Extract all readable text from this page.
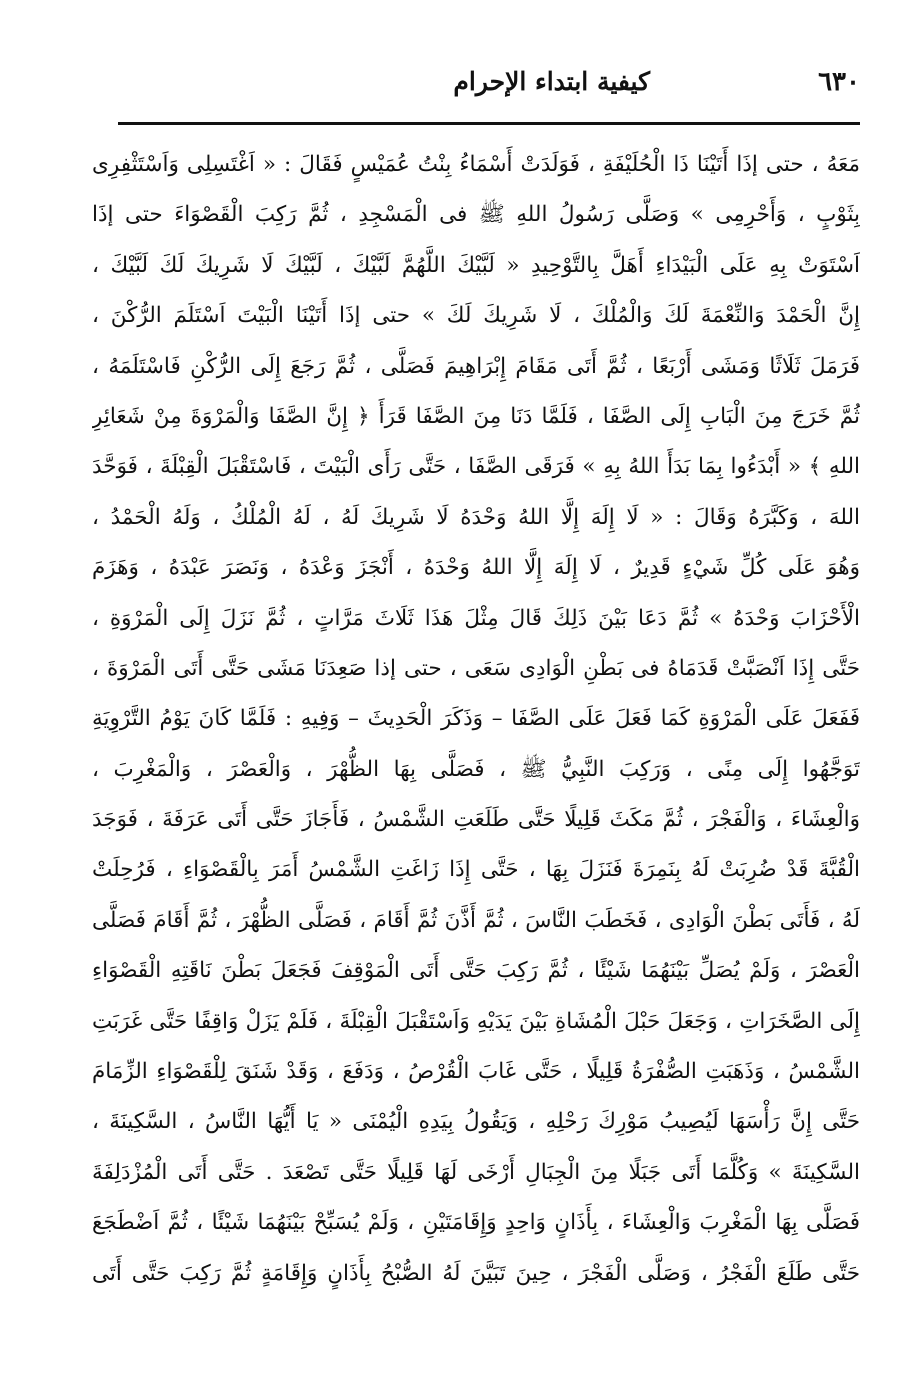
٦٣٠
كيفية ابتداء الإحرام
مَعَهُ ، حتى إذَا أَتَيْنَا ذَا الْحُلَيْفَةِ ، فَوَلَدَتْ أَسْمَاءُ بِنْتُ عُمَيْسٍ فَقَالَ : « اَغْتَسِلِى وَاَسْتَثْفِرِى
بِثَوْبٍ ، وَأَحْرِمِى » وَصَلَّى رَسُولُ اللهِ ﷺ فى الْمَسْجِدِ ، ثُمَّ رَكِبَ الْقَصْوَاءَ حتى إذَا
اَسْتَوَتْ بِهِ عَلَى الْبَيْدَاءِ أَهَلَّ بِالتَّوْحِيدِ « لَبَّيْكَ اللَّهُمَّ لَبَّيْكَ ، لَبَّيْكَ لَا شَرِيكَ لَكَ لَبَّيْكَ ،
إِنَّ الْحَمْدَ وَالنِّعْمَةَ لَكَ وَالْمُلْكَ ، لَا شَرِيكَ لَكَ » حتى إذَا أَتَيْنَا الْبَيْتَ اَسْتَلَمَ الرُّكْنَ ،
فَرَمَلَ ثَلَاثًا وَمَشَى أَرْبَعًا ، ثُمَّ أَتَى مَقَامَ إِبْرَاهِيمَ فَصَلَّى ، ثُمَّ رَجَعَ إِلَى الرُّكْنِ فَاسْتَلَمَهُ ،
ثُمَّ خَرَجَ مِنَ الْبَابِ إِلَى الصَّفَا ، فَلَمَّا دَنَا مِنَ الصَّفَا قَرَأَ ﴿ إِنَّ الصَّفَا وَالْمَرْوَةَ مِنْ شَعَائِرِ
اللهِ ﴾ « أَبْدَءُوا بِمَا بَدَأَ اللهُ بِهِ » فَرَقَى الصَّفَا ، حَتَّى رَأَى الْبَيْتَ ، فَاسْتَقْبَلَ الْقِبْلَةَ ، فَوَحَّدَ
اللهَ ، وَكَبَّرَهُ وَقَالَ : « لَا إِلَهَ إِلَّا اللهُ وَحْدَهُ لَا شَرِيكَ لَهُ ، لَهُ الْمُلْكُ ، وَلَهُ الْحَمْدُ ،
وَهُوَ عَلَى كُلِّ شَيْءٍ قَدِيرٌ ، لَا إِلَهَ إِلَّا اللهُ وَحْدَهُ ، أَنْجَزَ وَعْدَهُ ، وَنَصَرَ عَبْدَهُ ، وَهَزَمَ
الْأَحْزَابَ وَحْدَهُ » ثُمَّ دَعَا بَيْنَ ذَلِكَ قَالَ مِثْلَ هَذَا ثَلَاثَ مَرَّاتٍ ، ثُمَّ نَزَلَ إِلَى الْمَرْوَةِ ،
حَتَّى إِذَا اَنْصَبَّتْ قَدَمَاهُ فى بَطْنِ الْوَادِى سَعَى ، حتى إذا صَعِدَنَا مَشَى حَتَّى أَتَى الْمَرْوَةَ ،
فَفَعَلَ عَلَى الْمَرْوَةِ كَمَا فَعَلَ عَلَى الصَّفَا – وَذَكَرَ الْحَدِيثَ – وَفِيهِ : فَلَمَّا كَانَ يَوْمُ التَّرْوِيَةِ
تَوَجَّهُوا إِلَى مِنًى ، وَرَكِبَ النَّبِيُّ ﷺ ، فَصَلَّى بِهَا الظُّهْرَ ، وَالْعَصْرَ ، وَالْمَغْرِبَ ،
وَالْعِشَاءَ ، وَالْفَجْرَ ، ثُمَّ مَكَثَ قَلِيلًا حَتَّى طَلَعَتِ الشَّمْسُ ، فَأَجَازَ حَتَّى أَتَى عَرَفَةَ ، فَوَجَدَ
الْقُبَّةَ قَدْ ضُرِبَتْ لَهُ بِنَمِرَةَ فَنَزَلَ بِهَا ، حَتَّى إِذَا زَاغَتِ الشَّمْسُ أَمَرَ بِالْقَصْوَاءِ ، فَرُحِلَتْ
لَهُ ، فَأَتَى بَطْنَ الْوَادِى ، فَخَطَبَ النَّاسَ ، ثُمَّ أَذَّنَ ثُمَّ أَقَامَ ، فَصَلَّى الظُّهْرَ ، ثُمَّ أَقَامَ فَصَلَّى
الْعَصْرَ ، وَلَمْ يُصَلِّ بَيْنَهُمَا شَيْئًا ، ثُمَّ رَكِبَ حَتَّى أَتَى الْمَوْقِفَ فَجَعَلَ بَطْنَ نَاقَتِهِ الْقَصْوَاءِ
إِلَى الصَّخَرَاتِ ، وَجَعَلَ حَبْلَ الْمُشَاةِ بَيْنَ يَدَيْهِ وَاَسْتَقْبَلَ الْقِبْلَةَ ، فَلَمْ يَزَلْ وَاقِفًا حَتَّى غَرَبَتِ
الشَّمْسُ ، وَذَهَبَتِ الصُّفْرَةُ قَلِيلًا ، حَتَّى غَابَ الْقُرْصُ ، وَدَفَعَ ، وَقَدْ شَنَقَ لِلْقَصْوَاءِ الزِّمَامَ
حَتَّى إِنَّ رَأْسَهَا لَيُصِيبُ مَوْرِكَ رَحْلِهِ ، وَيَقُولُ بِيَدِهِ الْيُمْنَى « يَا أَيُّهَا النَّاسُ ، السَّكِينَةَ ،
السَّكِينَةَ » وَكُلَّمَا أَتَى جَبَلًا مِنَ الْجِبَالِ أَرْخَى لَهَا قَلِيلًا حَتَّى تَصْعَدَ . حَتَّى أَتَى الْمُزْدَلِفَةَ
فَصَلَّى بِهَا الْمَغْرِبَ وَالْعِشَاءَ ، بِأَذَانٍ وَاحِدٍ وَإِقَامَتَيْنِ ، وَلَمْ يُسَبِّحْ بَيْنَهُمَا شَيْئًا ، ثُمَّ اَضْطَجَعَ
حَتَّى طَلَعَ الْفَجْرُ ، وَصَلَّى الْفَجْرَ ، حِينَ تَبَيَّنَ لَهُ الصُّبْحُ بِأَذَانٍ وَإِقَامَةٍ ثُمَّ رَكِبَ حَتَّى أَتَى
